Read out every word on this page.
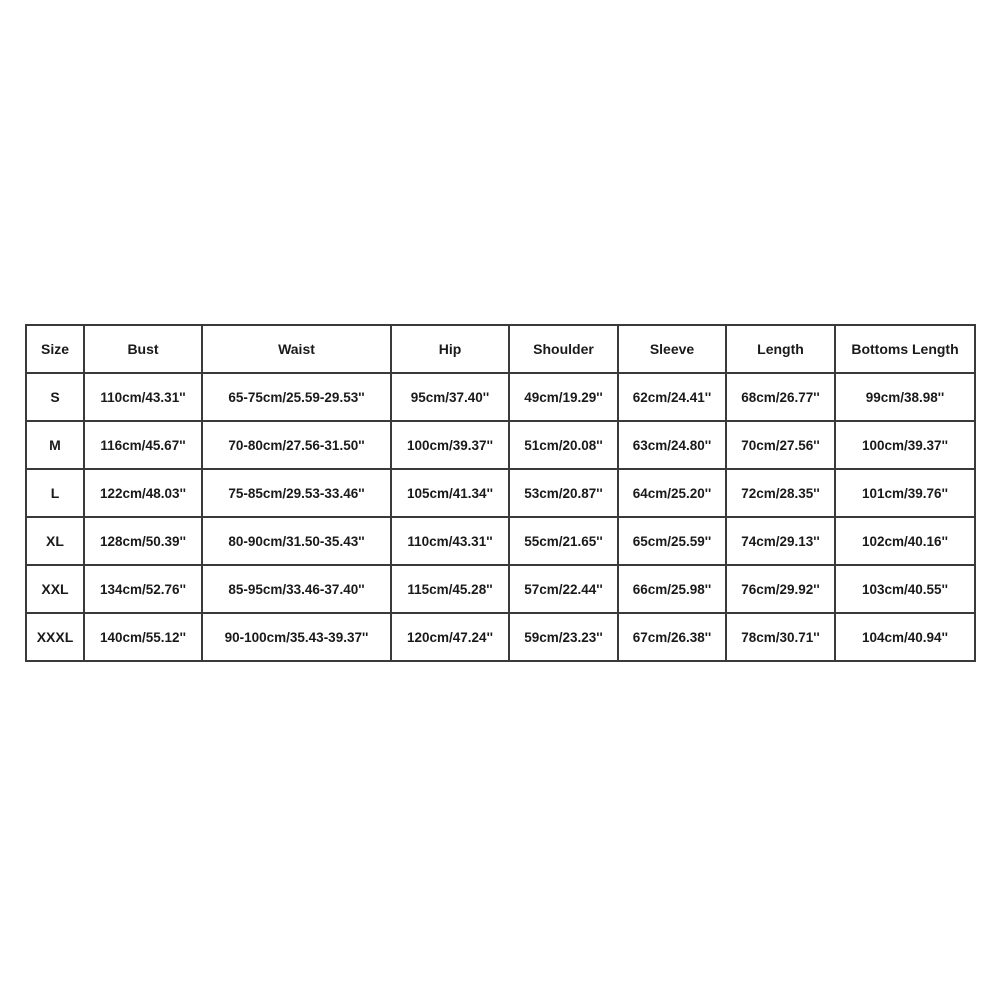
Size	Bust	Waist	Hip	Shoulder	Sleeve	Length	Bottoms Length
S	110cm/43.31''	65-75cm/25.59-29.53''	95cm/37.40''	49cm/19.29''	62cm/24.41''	68cm/26.77''	99cm/38.98''
M	116cm/45.67''	70-80cm/27.56-31.50''	100cm/39.37''	51cm/20.08''	63cm/24.80''	70cm/27.56''	100cm/39.37''
L	122cm/48.03''	75-85cm/29.53-33.46''	105cm/41.34''	53cm/20.87''	64cm/25.20''	72cm/28.35''	101cm/39.76''
XL	128cm/50.39''	80-90cm/31.50-35.43''	110cm/43.31''	55cm/21.65''	65cm/25.59''	74cm/29.13''	102cm/40.16''
XXL	134cm/52.76''	85-95cm/33.46-37.40''	115cm/45.28''	57cm/22.44''	66cm/25.98''	76cm/29.92''	103cm/40.55''
XXXL	140cm/55.12''	90-100cm/35.43-39.37''	120cm/47.24''	59cm/23.23''	67cm/26.38''	78cm/30.71''	104cm/40.94''
